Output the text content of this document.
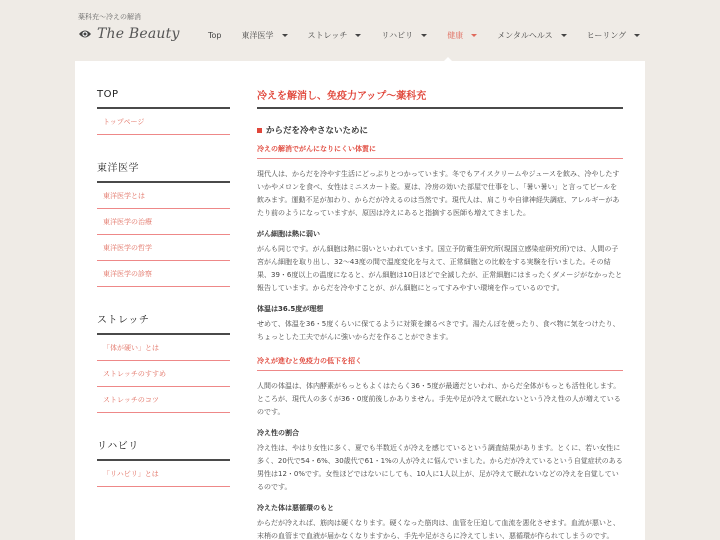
薬科充〜冷えの解消
The Beauty	Top	東洋医学	ストレッチ	リハビリ	健康	メンタルヘルス	ヒーリング
TOP
トップページ
東洋医学
東洋医学とは
東洋医学の治療
東洋医学の哲学
東洋医学の診察
ストレッチ
「体が硬い」とは
ストレッチのすすめ
ストレッチのコツ
リハビリ
「リハビリ」とは
冷えを解消し、免疫力アップ〜薬科充
からだを冷やさないために
冷えの解消でがんになりにくい体質に

現代人は、からだを冷やす生活にどっぷりとつかっています。冬でもアイスクリームやジュースを飲み、冷やしたすいかやメロンを食べ、女性はミニスカート姿。夏は、冷房の効いた部屋で仕事をし、「暑い暑い」と言ってビールを飲みます。運動不足が加わり、からだが冷えるのは当然です。現代人は、肩こりや自律神経失調症、アレルギーがあたり前のようになっていますが、原因は冷えにあると指摘する医師も増えてきました。

がん細胞は熱に弱い

がんも同じです。がん細胞は熱に弱いといわれています。国立予防衛生研究所(現国立感染症研究所)では、人間の子宮がん細胞を取り出し、32〜43度の間で温度変化を与えて、正常細胞との比較をする実験を行いました。その結果、39・6度以上の温度になると、がん細胞は10日ほどで全滅したが、正常細胞にはまったくダメージがなかったと報告しています。からだを冷やすことが、がん細胞にとってすみやすい環境を作っているのです。

体温は36.5度が理想

せめて、体温を36・5度くらいに保てるように対策を練るべきです。湯たんぽを使ったり、食べ物に気をつけたり、ちょっとした工夫でがんに強いからだを作ることができます。

冷えが進むと免疫力の低下を招く

人間の体温は、体内酵素がもっともよくはたらく36・5度が最適だといわれ、からだ全体がもっとも活性化します。ところが、現代人の多くが36・0度前後しかありません。手先や足が冷えて眠れないという冷え性の人が増えているのです。

冷え性の割合

冷え性は、やはり女性に多く、夏でも半数近くが冷えを感じているという調査結果があります。とくに、若い女性に多く、20代で54・6%、30歳代で61・1%の人が冷えに悩んでいました。からだが冷えているという自覚症状のある男性は12・0%です。女性ほどではないにしても、10人に1人以上が、足が冷えて眠れないなどの冷えを自覚しているのです。

冷えた体は悪循環のもと

からだが冷えれば、筋肉は硬くなります。硬くなった筋肉は、血管を圧迫して血流を悪化させます。血流が悪いと、末梢の血管まで血液が届かなくなりますから、手先や足がさらに冷えてしまい、悪循環が作られてしまうのです。
